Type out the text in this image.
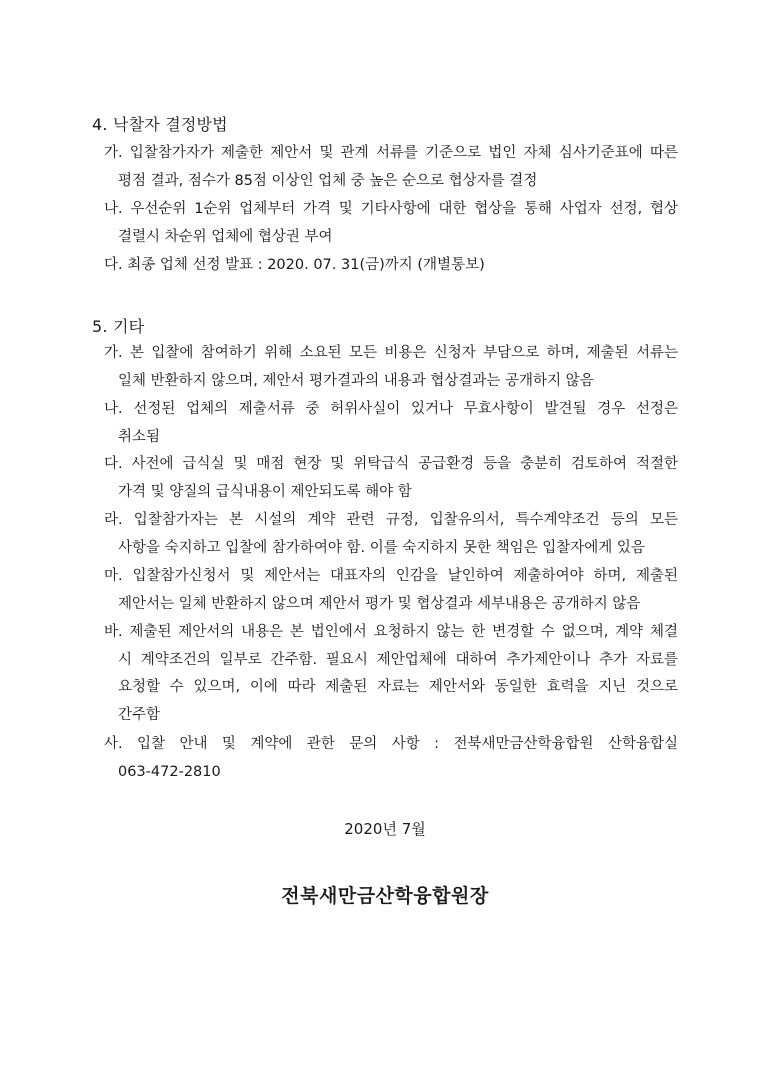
4. 낙찰자 결정방법
가. 입찰참가자가 제출한 제안서 및 관계 서류를 기준으로 법인 자체 심사기준표에 따른
평점 결과, 점수가 85점 이상인 업체 중 높은 순으로 협상자를 결정
나. 우선순위 1순위 업체부터 가격 및 기타사항에 대한 협상을 통해 사업자 선정, 협상
결렬시 차순위 업체에 협상권 부여
다. 최종 업체 선정 발표 : 2020. 07. 31(금)까지 (개별통보)
5. 기타
가. 본 입찰에 참여하기 위해 소요된 모든 비용은 신청자 부담으로 하며, 제출된 서류는
일체 반환하지 않으며, 제안서 평가결과의 내용과 협상결과는 공개하지 않음
나. 선정된 업체의 제출서류 중 허위사실이 있거나 무효사항이 발견될 경우 선정은
취소됨
다. 사전에 급식실 및 매점 현장 및 위탁급식 공급환경 등을 충분히 검토하여 적절한
가격 및 양질의 급식내용이 제안되도록 해야 함
라. 입찰참가자는 본 시설의 계약 관련 규정, 입찰유의서, 특수계약조건 등의 모든
사항을 숙지하고 입찰에 참가하여야 함. 이를 숙지하지 못한 책임은 입찰자에게 있음
마. 입찰참가신청서 및 제안서는 대표자의 인감을 날인하여 제출하여야 하며, 제출된
제안서는 일체 반환하지 않으며 제안서 평가 및 협상결과 세부내용은 공개하지 않음
바. 제출된 제안서의 내용은 본 법인에서 요청하지 않는 한 변경할 수 없으며, 계약 체결
시 계약조건의 일부로 간주함. 필요시 제안업체에 대하여 추가제안이나 추가 자료를
요청할 수 있으며, 이에 따라 제출된 자료는 제안서와 동일한 효력을 지닌 것으로
간주함
사. 입찰 안내 및 계약에 관한 문의 사항 : 전북새만금산학융합원 산학융합실
063-472-2810
2020년 7월
전북새만금산학융합원장
